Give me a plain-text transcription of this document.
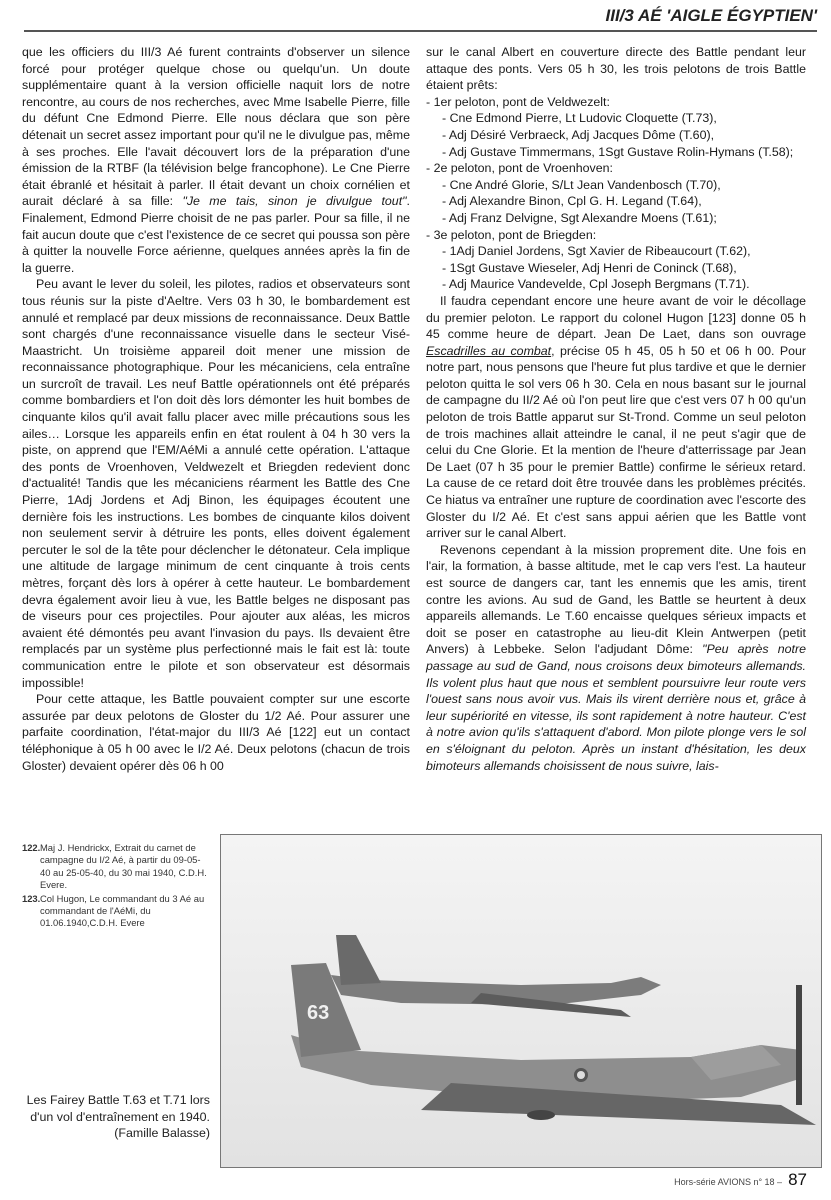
III/3 AÉ 'AIGLE ÉGYPTIEN'

que les officiers du III/3 Aé furent contraints d'observer un silence forcé pour protéger quelque chose ou quelqu'un. Un doute supplémentaire quant à la version officielle naquit lors de notre rencontre, au cours de nos recherches, avec Mme Isabelle Pierre, fille du défunt Cne Edmond Pierre. Elle nous déclara que son père détenait un secret assez important pour qu'il ne le divulgue pas, même à ses proches. Elle l'avait découvert lors de la préparation d'une émission de la RTBF (la télévision belge francophone). Le Cne Pierre était ébranlé et hésitait à parler. Il était devant un choix cornélien et aurait déclaré à sa fille: "Je me tais, sinon je divulgue tout". Finalement, Edmond Pierre choisit de ne pas parler. Pour sa fille, il ne fait aucun doute que c'est l'existence de ce secret qui poussa son père à quitter la nouvelle Force aérienne, quelques années après la fin de la guerre.

Peu avant le lever du soleil, les pilotes, radios et observateurs sont tous réunis sur la piste d'Aeltre. Vers 03 h 30, le bombardement est annulé et remplacé par deux missions de reconnaissance. Deux Battle sont chargés d'une reconnaissance visuelle dans le secteur Visé-Maastricht. Un troisième appareil doit mener une mission de reconnaissance photographique. Pour les mécaniciens, cela entraîne un surcroît de travail. Les neuf Battle opérationnels ont été préparés comme bombardiers et l'on doit dès lors démonter les huit bombes de cinquante kilos qu'il avait fallu placer avec mille précautions sous les ailes… Lorsque les appareils enfin en état roulent à 04 h 30 vers la piste, on apprend que l'EM/AéMi a annulé cette opération. L'attaque des ponts de Vroenhoven, Veldwezelt et Briegden redevient donc d'actualité! Tandis que les mécaniciens réarment les Battle des Cne Pierre, 1Adj Jordens et Adj Binon, les équipages écoutent une dernière fois les instructions. Les bombes de cinquante kilos doivent non seulement servir à détruire les ponts, elles doivent également percuter le sol de la tête pour déclencher le détonateur. Cela implique une altitude de largage minimum de cent cinquante à trois cents mètres, forçant dès lors à opérer à cette hauteur. Le bombardement devra également avoir lieu à vue, les Battle belges ne disposant pas de viseurs pour ces projectiles. Pour ajouter aux aléas, les micros avaient été démontés peu avant l'invasion du pays. Ils devaient être remplacés par un système plus perfectionné mais le fait est là: toute communication entre le pilote et son observateur est désormais impossible!

Pour cette attaque, les Battle pouvaient compter sur une escorte assurée par deux pelotons de Gloster du 1/2 Aé. Pour assurer une parfaite coordination, l'état-major du III/3 Aé [122] eut un contact téléphonique à 05 h 00 avec le I/2 Aé. Deux pelotons (chacun de trois Gloster) devaient opérer dès 06 h 00

sur le canal Albert en couverture directe des Battle pendant leur attaque des ponts. Vers 05 h 30, les trois pelotons de trois Battle étaient prêts:

- 1er peloton, pont de Veldwezelt:

- Cne Edmond Pierre, Lt Ludovic Cloquette (T.73),

- Adj Désiré Verbraeck, Adj Jacques Dôme (T.60),

- Adj Gustave Timmermans, 1Sgt Gustave Rolin-Hymans (T.58);

- 2e peloton, pont de Vroenhoven:

- Cne André Glorie, S/Lt Jean Vandenbosch (T.70),

- Adj Alexandre Binon, Cpl G. H. Legand (T.64),

- Adj Franz Delvigne, Sgt Alexandre Moens (T.61);

- 3e peloton, pont de Briegden:

- 1Adj Daniel Jordens, Sgt Xavier de Ribeaucourt (T.62),

- 1Sgt Gustave Wieseler, Adj Henri de Coninck (T.68),

- Adj Maurice Vandevelde, Cpl Joseph Bergmans (T.71).

Il faudra cependant encore une heure avant de voir le décollage du premier peloton. Le rapport du colonel Hugon [123] donne 05 h 45 comme heure de départ. Jean De Laet, dans son ouvrage Escadrilles au combat, précise 05 h 45, 05 h 50 et 06 h 00. Pour notre part, nous pensons que l'heure fut plus tardive et que le dernier peloton quitta le sol vers 06 h 30. Cela en nous basant sur le journal de campagne du II/2 Aé où l'on peut lire que c'est vers 07 h 00 qu'un peloton de trois Battle apparut sur St-Trond. Comme un seul peloton de trois machines allait atteindre le canal, il ne peut s'agir que de celui du Cne Glorie. Et la mention de l'heure d'atterrissage par Jean De Laet (07 h 35 pour le premier Battle) confirme le sérieux retard. La cause de ce retard doit être trouvée dans les problèmes précités. Ce hiatus va entraîner une rupture de coordination avec l'escorte des Gloster du I/2 Aé. Et c'est sans appui aérien que les Battle vont arriver sur le canal Albert.

Revenons cependant à la mission proprement dite. Une fois en l'air, la formation, à basse altitude, met le cap vers l'est. La hauteur est source de dangers car, tant les ennemis que les amis, tirent contre les avions. Au sud de Gand, les Battle se heurtent à deux appareils allemands. Le T.60 encaisse quelques sérieux impacts et doit se poser en catastrophe au lieu-dit Klein Antwerpen (petit Anvers) à Lebbeke. Selon l'adjudant Dôme: "Peu après notre passage au sud de Gand, nous croisons deux bimoteurs allemands. Ils volent plus haut que nous et semblent poursuivre leur route vers l'ouest sans nous avoir vus. Mais ils virent derrière nous et, grâce à leur supériorité en vitesse, ils sont rapidement à notre hauteur. C'est à notre avion qu'ils s'attaquent d'abord. Mon pilote plonge vers le sol en s'éloignant du peloton. Après un instant d'hésitation, les deux bimoteurs allemands choisissent de nous suivre, lais-

122. Maj J. Hendrickx, Extrait du carnet de campagne du I/2 Aé, à partir du 09-05-40 au 25-05-40, du 30 mai 1940, C.D.H. Evere.
123. Col Hugon, Le commandant du 3 Aé au commandant de l'AéMi, du 01.06.1940,C.D.H. Evere
63
Les Fairey Battle T.63 et T.71 lors d'un vol d'entraînement en 1940. (Famille Balasse)
Hors-série AVIONS n° 18 – 87
